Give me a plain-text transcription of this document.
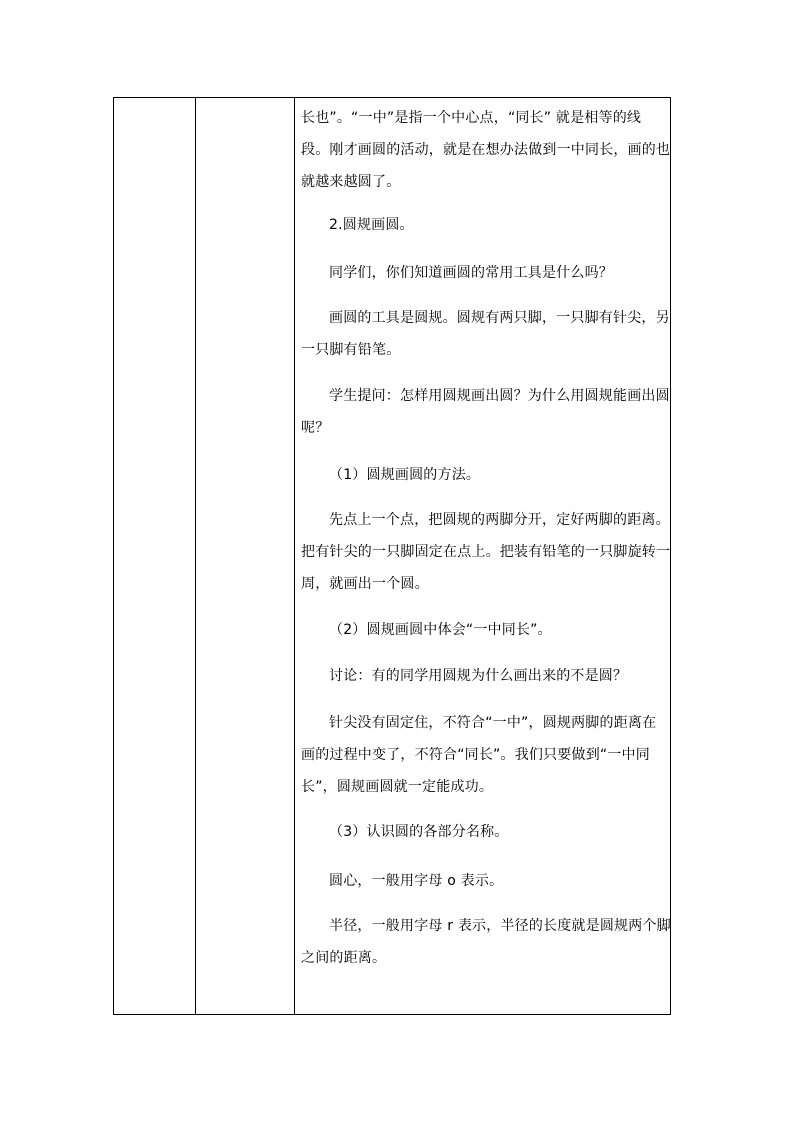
长也”。“一中”是指一个中心点，“同长” 就是相等的线
段。刚才画圆的活动，就是在想办法做到一中同长，画的也
就越来越圆了。
2.圆规画圆。
同学们，你们知道画圆的常用工具是什么吗？
画圆的工具是圆规。圆规有两只脚，一只脚有针尖，另
一只脚有铅笔。
学生提问：怎样用圆规画出圆？为什么用圆规能画出圆
呢？
（1）圆规画圆的方法。
先点上一个点，把圆规的两脚分开，定好两脚的距离。
把有针尖的一只脚固定在点上。把装有铅笔的一只脚旋转一
周，就画出一个圆。
（2）圆规画圆中体会“一中同长”。
讨论：有的同学用圆规为什么画出来的不是圆？
针尖没有固定住，不符合“一中”，圆规两脚的距离在
画的过程中变了，不符合“同长”。我们只要做到“一中同
长”，圆规画圆就一定能成功。
（3）认识圆的各部分名称。
圆心，一般用字母 o 表示。
半径，一般用字母 r 表示，半径的长度就是圆规两个脚
之间的距离。
